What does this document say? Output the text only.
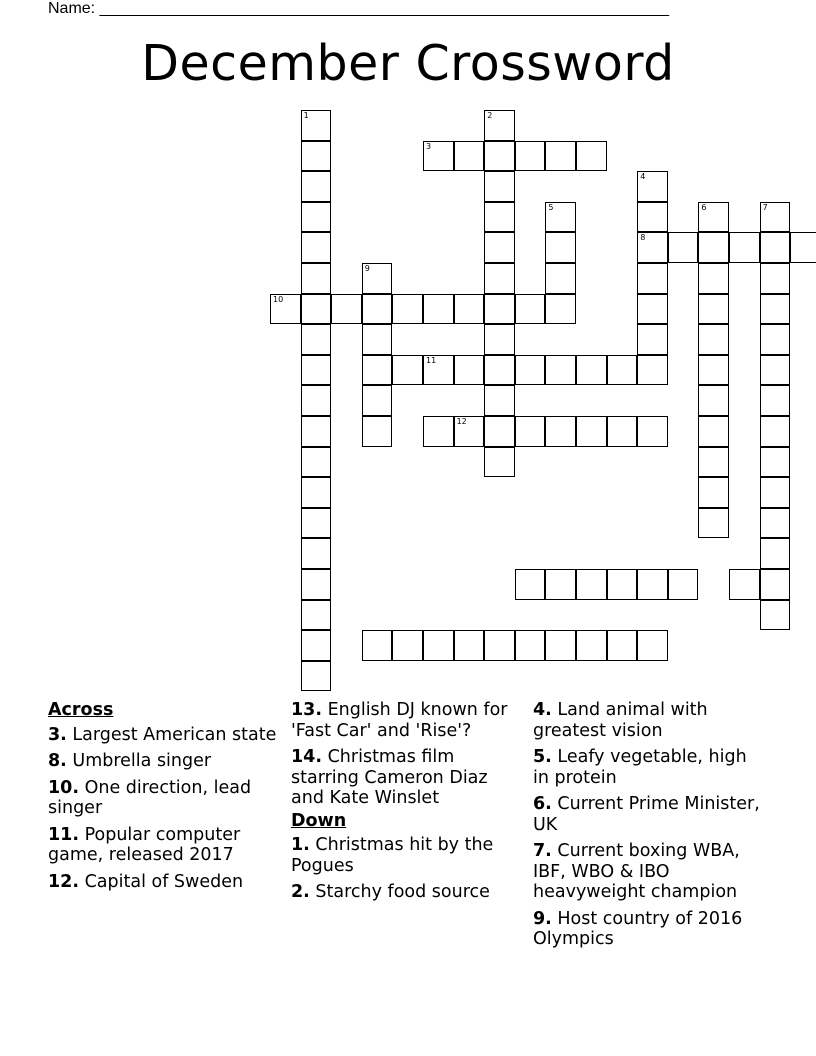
Name: ________________________________________________________________
December Crossword
1	2
3
4
8
5	6	7
9
10
11
12
Across
3. Largest American state
8. Umbrella singer
10. One direction, lead singer
11. Popular computer game, released 2017
12. Capital of Sweden
13. English DJ known for 'Fast Car' and 'Rise'?
14. Christmas film starring Cameron Diaz and Kate Winslet
Down
1. Christmas hit by the Pogues
2. Starchy food source
4. Land animal with greatest vision
5. Leafy vegetable, high in protein
6. Current Prime Minister, UK
7. Current boxing WBA, IBF, WBO & IBO heavyweight champion
9. Host country of 2016 Olympics
